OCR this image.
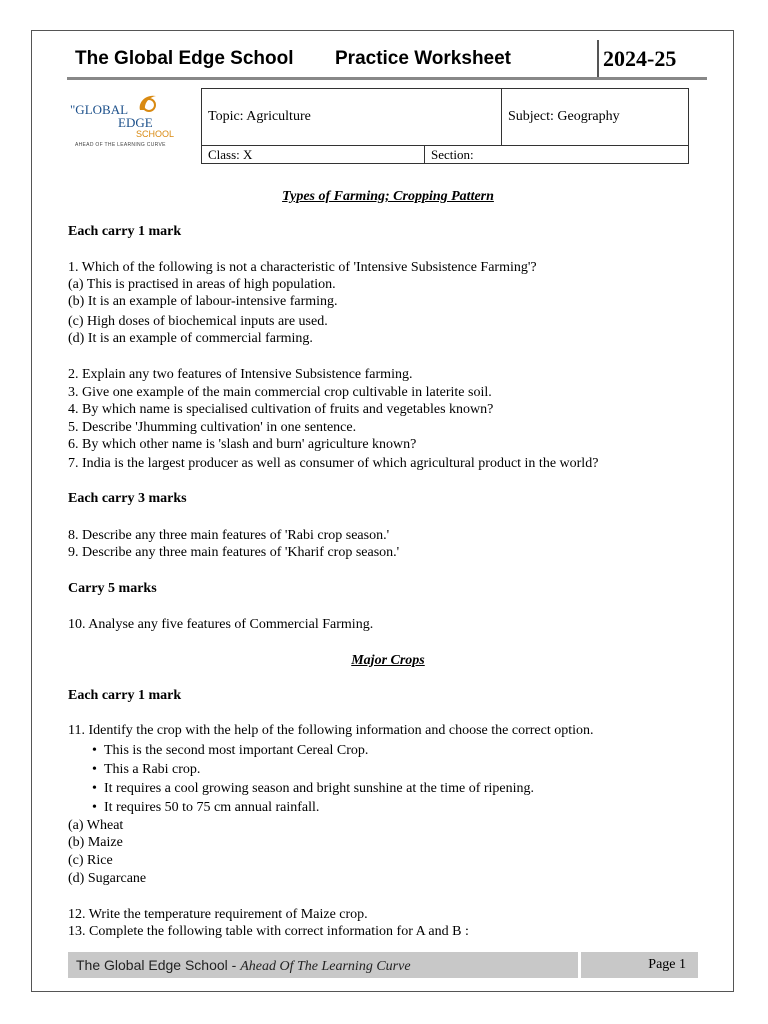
The Global Edge School Practice Worksheet	2024-25
"GLOBAL
EDGE
SCHOOL
AHEAD OF THE LEARNING CURVE
Topic: Agriculture		Subject: Geography
Class: X	Section:	
Types of Farming; Cropping Pattern
Each carry 1 mark
1. Which of the following is not a characteristic of 'Intensive Subsistence Farming'?
(a) This is practised in areas of high population.
(b) It is an example of labour-intensive farming.
(c) High doses of biochemical inputs are used.
(d) It is an example of commercial farming.
2. Explain any two features of Intensive Subsistence farming.
3. Give one example of the main commercial crop cultivable in laterite soil.
4. By which name is specialised cultivation of fruits and vegetables known?
5. Describe 'Jhumming cultivation' in one sentence.
6. By which other name is 'slash and burn' agriculture known?
7. India is the largest producer as well as consumer of which agricultural product in the world?
Each carry 3 marks
8. Describe any three main features of 'Rabi crop season.'
9. Describe any three main features of 'Kharif crop season.'
Carry 5 marks
10. Analyse any five features of Commercial Farming.
Major Crops
Each carry 1 mark
11. Identify the crop with the help of the following information and choose the correct option.
• This is the second most important Cereal Crop.
• This a Rabi crop.
• It requires a cool growing season and bright sunshine at the time of ripening.
• It requires 50 to 75 cm annual rainfall.
(a) Wheat
(b) Maize
(c) Rice
(d) Sugarcane
12. Write the temperature requirement of Maize crop.
13. Complete the following table with correct information for A and B :
The Global Edge School - Ahead Of The Learning Curve	Page 1
